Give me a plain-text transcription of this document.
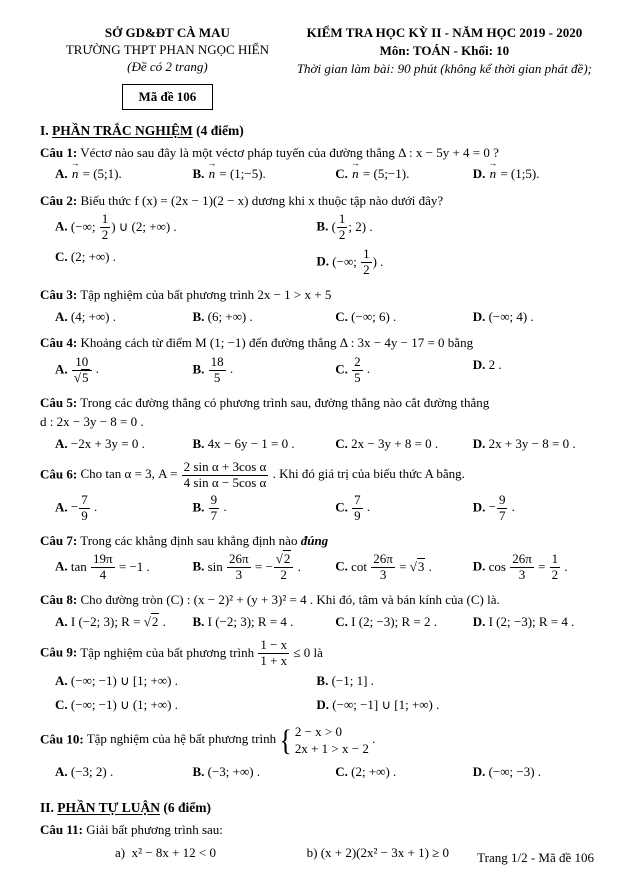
SỞ GD&ĐT CÀ MAU
TRƯỜNG THPT PHAN NGỌC HIỂN
(Đề có 2 trang)
Mã đề 106
KIỂM TRA HỌC KỲ II - NĂM HỌC 2019 - 2020
Môn: TOÁN - Khối: 10
Thời gian làm bài: 90 phút (không kể thời gian phát đề);
I. PHẦN TRẮC NGHIỆM (4 điểm)

Câu 1: Véctơ nào sau đây là một véctơ pháp tuyến của đường thẳng Δ : x − 5y + 4 = 0 ?

A. → n = (5;1).	B. → n = (1;−5).	C. → n = (5;−1).	D. → n = (1;5).

Câu 2: Biểu thức f (x) = (2x − 1)(2 − x) dương khi x thuộc tập nào dưới đây?

A. (−∞; $\frac{1}{2}$ ) ∪ (2; +∞) .	B. ( $\frac{1}{2}$ ; 2) .
C. (2; +∞) .	D. (−∞; $\frac{1}{2}$ ) .

Câu 3: Tập nghiệm của bất phương trình 2x − 1 > x + 5

A. (4; +∞) .	B. (6; +∞) .	C. (−∞; 6) .	D. (−∞; 4) .

Câu 4: Khoảng cách từ điểm M (1; −1) đến đường thẳng Δ : 3x − 4y − 17 = 0 bằng

A. $\frac{10}{√5}$ .	B. $\frac{18}{5}$ .	C. $\frac{2}{5}$ .	D. 2 .

Câu 5: Trong các đường thẳng có phương trình sau, đường thẳng nào cắt đường thẳng
d : 2x − 3y − 8 = 0 .

A. −2x + 3y = 0 .	B. 4x − 6y − 1 = 0 .	C. 2x − 3y + 8 = 0 .	D. 2x + 3y − 8 = 0 .

Câu 6: Cho tan α = 3, $A = \frac{\text{2 sin α + 3cos α}}{\text{4 sin α − 5cos α}}$ . Khi đó giá trị của biểu thức A bằng.

A. − $\frac{7}{9}$ .	B. $\frac{9}{7}$ .	C. $\frac{7}{9}$ .	D. − $\frac{9}{7}$ .

Câu 7: Trong các khẳng định sau khẳng định nào đúng

A. $\tan \frac{19\pi}{4} = -1$ .	B. $\sin \frac{26\pi}{3}$ = − $\frac{√2}{2}$ .	C. $\cot \frac{26\pi}{3} = √3$ .	D. $\cos \frac{26\pi}{3} = \frac{1}{2}$ .

Câu 8: Cho đường tròn (C) : (x − 2)² + (y + 3)² = 4 . Khi đó, tâm và bán kính của (C) là.

A. I (−2; 3); R = √2 .	B. I (−2; 3); R = 4 .	C. I (2; −3); R = 2 .	D. I (2; −3); R = 4 .

Câu 9: Tập nghiệm của bất phương trình $\frac{1 - x}{1 + x} \le 0$ là

A. (−∞; −1) ∪ [1; +∞) .	B. (−1; 1] .
C. (−∞; −1) ∪ (1; +∞) .	D. (−∞; −1] ∪ [1; +∞) .

Câu 10: Tập nghiệm của hệ bất phương trình { 2 − x > 0
2x + 1 > x − 2
.

A. (−3; 2) .	B. (−3; +∞) .	C. (2; +∞) .	D. (−∞; −3) .
II. PHẦN TỰ LUẬN (6 điểm)

Câu 11: Giải bất phương trình sau:

a) x² − 8x + 12 < 0	b) (x + 2)(2x² − 3x + 1) ≥ 0	Trang 1/2 - Mã đề 106
